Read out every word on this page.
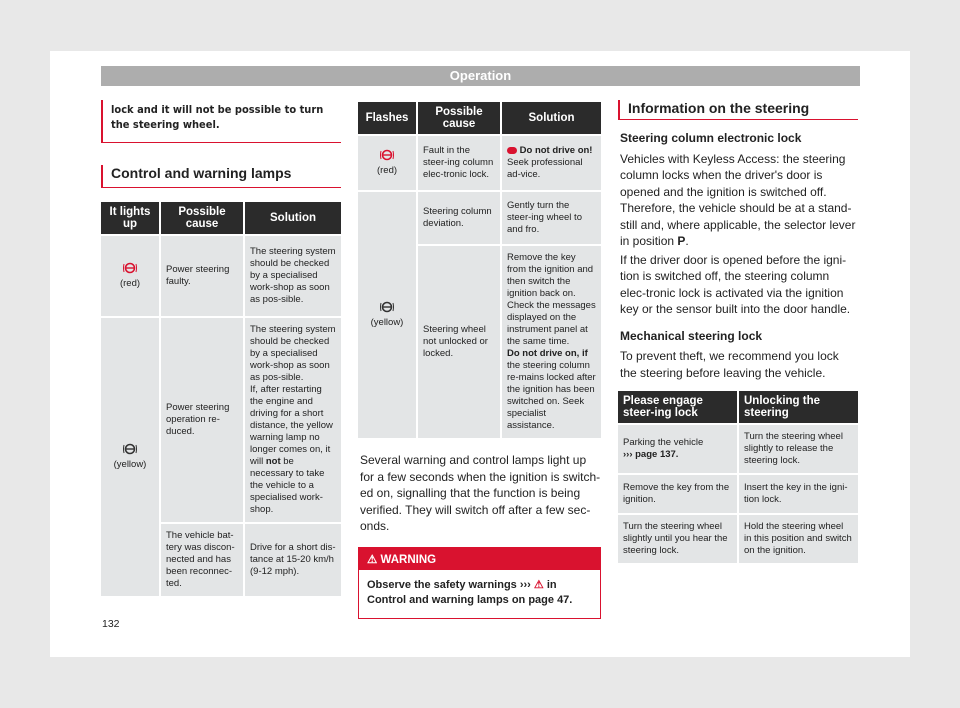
Operation
lock and it will not be possible to turn the steering wheel.
Control and warning lamps
It lights up	Possible cause	Solution

(red)	Power steering faulty.	The steering system should be checked by a specialised work-shop as soon as pos-sible.

(yellow)	Power steering operation re-duced.	The steering system should be checked by a specialised work-shop as soon as pos-sible.
If, after restarting the engine and driving for a short distance, the yellow warning lamp no longer comes on, it will not be necessary to take the vehicle to a specialised work-shop.
	The vehicle bat-tery was discon-nected and has been reconnec-ted.	Drive for a short dis-tance at 15-20 km/h (9-12 mph).
Flashes	Possible cause	Solution

(red)	Fault in the steer-ing column elec-tronic lock.	Do not drive on!
Seek professional ad-vice.

(yellow)	Steering column deviation.	Gently turn the steer-ing wheel to and fro.
	Steering wheel not unlocked or locked.	Remove the key from the ignition and then switch the ignition back on. Check the messages displayed on the instrument panel at the same time.
Do not drive on, if the steering column re-mains locked after the ignition has been switched on. Seek specialist assistance.
Several warning and control lamps light up for a few seconds when the ignition is switch-ed on, signalling that the function is being verified. They will switch off after a few sec-onds.
⚠ WARNING
Observe the safety warnings ››› ⚠ in Control and warning lamps on page 47.
Information on the steering
Steering column electronic lock
Vehicles with Keyless Access: the steering column locks when the driver's door is opened and the ignition is switched off. Therefore, the vehicle should be at a stand-still and, where applicable, the selector lever in position P.
If the driver door is opened before the igni-tion is switched off, the steering column elec-tronic lock is activated via the ignition key or the sensor built into the door handle.
Mechanical steering lock
To prevent theft, we recommend you lock the steering before leaving the vehicle.
Please engage steer-ing lock	Unlocking the steering
Parking the vehicle
››› page 137.	Turn the steering wheel slightly to release the steering lock.
Remove the key from the ignition.	Insert the key in the igni-tion lock.
Turn the steering wheel slightly until you hear the steering lock.	Hold the steering wheel in this position and switch on the ignition.
132
